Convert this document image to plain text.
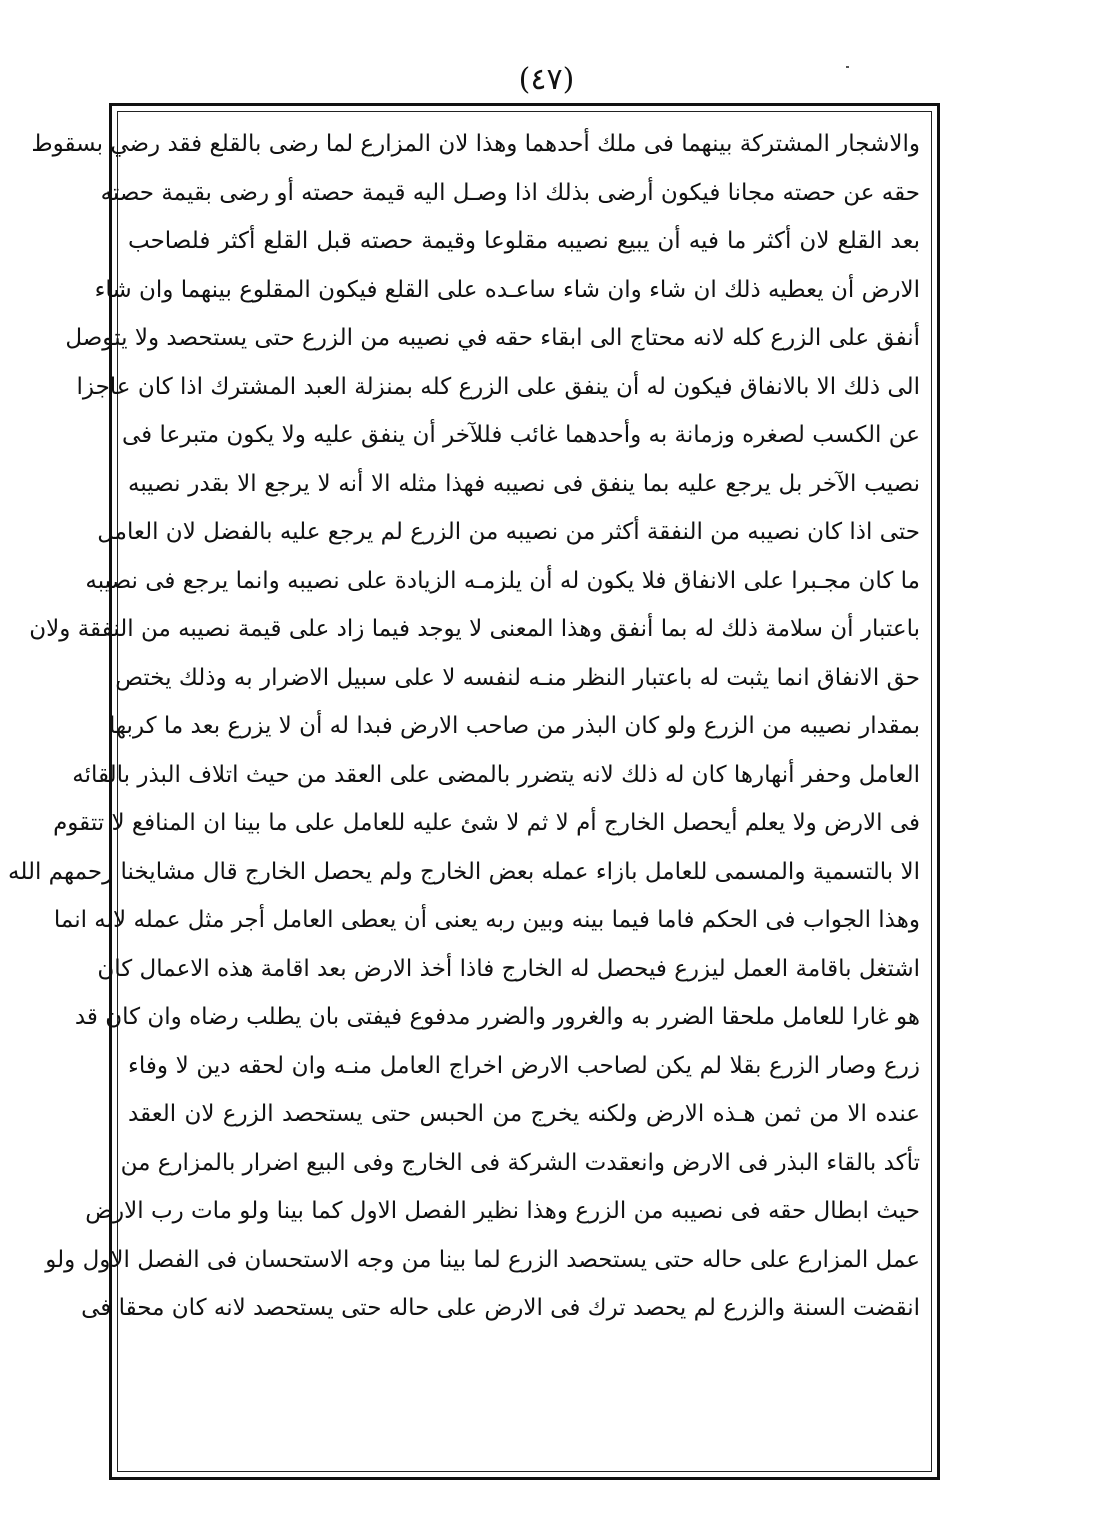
(٤٧)
والاشجار المشتركة بينهما فى ملك أحدهما وهذا لان المزارع لما رضى بالقلع فقد رضي بسقوط
حقه عن حصته مجانا فيكون أرضى بذلك اذا وصـل اليه قيمة حصته أو رضى بقيمة حصته
بعد القلع لان أكثر ما فيه أن يبيع نصيبه مقلوعا وقيمة حصته قبل القلع أكثر فلصاحب
الارض أن يعطيه ذلك ان شاء وان شاء ساعـده على القلع فيكون المقلوع بينهما وان شاء
أنفق على الزرع كله لانه محتاج الى ابقاء حقه في نصيبه من الزرع حتى يستحصد ولا يتوصل
الى ذلك الا بالانفاق فيكون له أن ينفق على الزرع كله بمنزلة العبد المشترك اذا كان عاجزا
عن الكسب لصغره وزمانة به وأحدهما غائب فللآخر أن ينفق عليه ولا يكون متبرعا فى
نصيب الآخر بل يرجع عليه بما ينفق فى نصيبه فهذا مثله الا أنه لا يرجع الا بقدر نصيبه
حتى اذا كان نصيبه من النفقة أكثر من نصيبه من الزرع لم يرجع عليه بالفضل لان العامل
ما كان مجـبرا على الانفاق فلا يكون له أن يلزمـه الزيادة على نصيبه وانما يرجع فى نصيبه
باعتبار أن سلامة ذلك له بما أنفق وهذا المعنى لا يوجد فيما زاد على قيمة نصيبه من النفقة ولان
حق الانفاق انما يثبت له باعتبار النظر منـه لنفسه لا على سبيل الاضرار به وذلك يختص
بمقدار نصيبه من الزرع ولو كان البذر من صاحب الارض فبدا له أن لا يزرع بعد ما كربها
العامل وحفر أنهارها كان له ذلك لانه يتضرر بالمضى على العقد من حيث اتلاف البذر بالقائه
فى الارض ولا يعلم أيحصل الخارج أم لا ثم لا شئ عليه للعامل على ما بينا ان المنافع لا تتقوم
الا بالتسمية والمسمى للعامل بازاء عمله بعض الخارج ولم يحصل الخارج قال مشايخنا رحمهم الله
وهذا الجواب فى الحكم فاما فيما بينه وبين ربه يعنى أن يعطى العامل أجر مثل عمله لانه انما
اشتغل باقامة العمل ليزرع فيحصل له الخارج فاذا أخذ الارض بعد اقامة هذه الاعمال كان
هو غارا للعامل ملحقا الضرر به والغرور والضرر مدفوع فيفتى بان يطلب رضاه وان كان قد
زرع وصار الزرع بقلا لم يكن لصاحب الارض اخراج العامل منـه وان لحقه دين لا وفاء
عنده الا من ثمن هـذه الارض ولكنه يخرج من الحبس حتى يستحصد الزرع لان العقد
تأكد بالقاء البذر فى الارض وانعقدت الشركة فى الخارج وفى البيع اضرار بالمزارع من
حيث ابطال حقه فى نصيبه من الزرع وهذا نظير الفصل الاول كما بينا ولو مات رب الارض
عمل المزارع على حاله حتى يستحصد الزرع لما بينا من وجه الاستحسان فى الفصل الاول ولو
انقضت السنة والزرع لم يحصد ترك فى الارض على حاله حتى يستحصد لانه كان محقا فى
